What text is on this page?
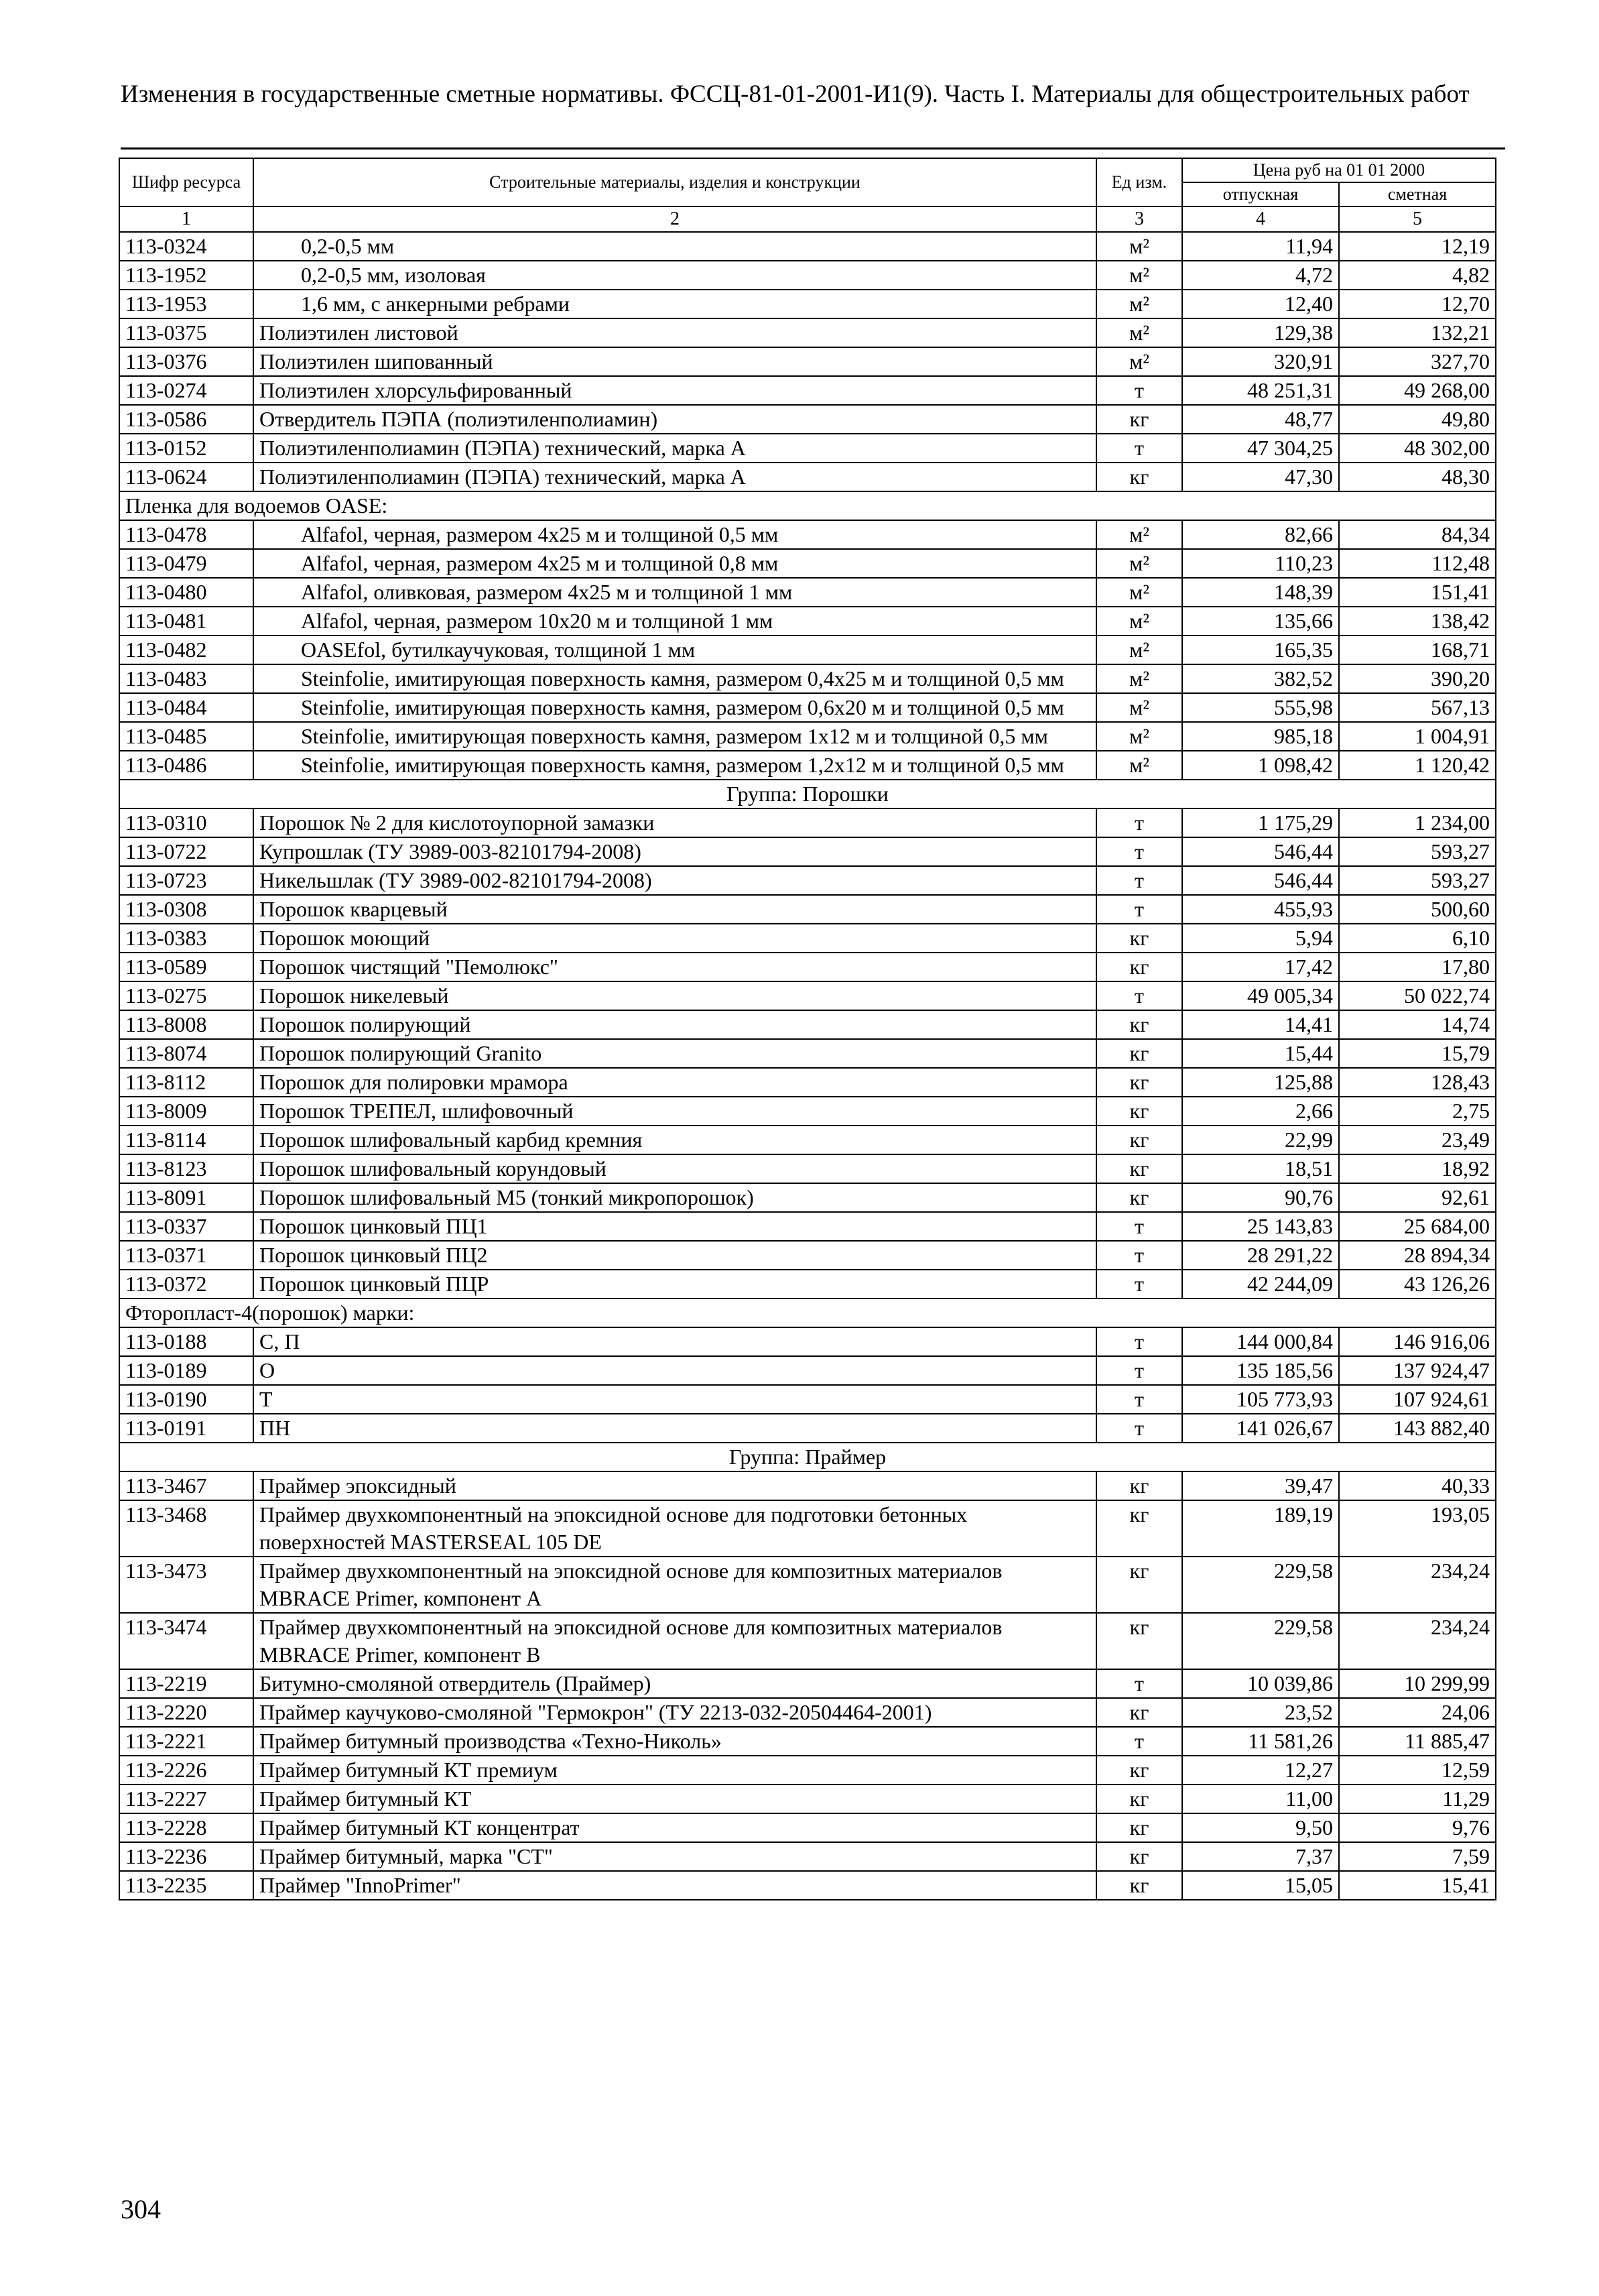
Изменения в государственные сметные нормативы. ФССЦ-81-01-2001-И1(9). Часть I. Материалы для общестроительных работ
Шифр ресурса	Строительные материалы, изделия и конструкции	Ед изм.	Цена руб на 01 01 2000	
			отпускная	сметная
1	2	3	4	5
113-0324	0,2-0,5 мм	м²	11,94	12,19
113-1952	0,2-0,5 мм, изоловая	м²	4,72	4,82
113-1953	1,6 мм, с анкерными ребрами	м²	12,40	12,70
113-0375	Полиэтилен листовой	м²	129,38	132,21
113-0376	Полиэтилен шипованный	м²	320,91	327,70
113-0274	Полиэтилен хлорсульфированный	т	48 251,31	49 268,00
113-0586	Отвердитель ПЭПА (полиэтиленполиамин)	кг	48,77	49,80
113-0152	Полиэтиленполиамин (ПЭПА) технический, марка А	т	47 304,25	48 302,00
113-0624	Полиэтиленполиамин (ПЭПА) технический, марка А	кг	47,30	48,30
Пленка для водоемов OASE:				
113-0478	Alfafol, черная, размером 4х25 м и толщиной 0,5 мм	м²	82,66	84,34
113-0479	Alfafol, черная, размером 4х25 м и толщиной 0,8 мм	м²	110,23	112,48
113-0480	Alfafol, оливковая, размером 4х25 м и толщиной 1 мм	м²	148,39	151,41
113-0481	Alfafol, черная, размером 10х20 м и толщиной 1 мм	м²	135,66	138,42
113-0482	OASEfol, бутилкаучуковая, толщиной 1 мм	м²	165,35	168,71
113-0483	Steinfolie, имитирующая поверхность камня, размером 0,4х25 м и толщиной 0,5 мм	м²	382,52	390,20
113-0484	Steinfolie, имитирующая поверхность камня, размером 0,6х20 м и толщиной 0,5 мм	м²	555,98	567,13
113-0485	Steinfolie, имитирующая поверхность камня, размером 1х12 м и толщиной 0,5 мм	м²	985,18	1 004,91
113-0486	Steinfolie, имитирующая поверхность камня, размером 1,2х12 м и толщиной 0,5 мм	м²	1 098,42	1 120,42
Группа: Порошки				
113-0310	Порошок № 2 для кислотоупорной замазки	т	1 175,29	1 234,00
113-0722	Купрошлак (ТУ 3989-003-82101794-2008)	т	546,44	593,27
113-0723	Никельшлак (ТУ 3989-002-82101794-2008)	т	546,44	593,27
113-0308	Порошок кварцевый	т	455,93	500,60
113-0383	Порошок моющий	кг	5,94	6,10
113-0589	Порошок чистящий "Пемолюкс"	кг	17,42	17,80
113-0275	Порошок никелевый	т	49 005,34	50 022,74
113-8008	Порошок полирующий	кг	14,41	14,74
113-8074	Порошок полирующий Granito	кг	15,44	15,79
113-8112	Порошок для полировки мрамора	кг	125,88	128,43
113-8009	Порошок ТРЕПЕЛ, шлифовочный	кг	2,66	2,75
113-8114	Порошок шлифовальный карбид кремния	кг	22,99	23,49
113-8123	Порошок шлифовальный корундовый	кг	18,51	18,92
113-8091	Порошок шлифовальный М5 (тонкий микропорошок)	кг	90,76	92,61
113-0337	Порошок цинковый ПЦ1	т	25 143,83	25 684,00
113-0371	Порошок цинковый ПЦ2	т	28 291,22	28 894,34
113-0372	Порошок цинковый ПЦР	т	42 244,09	43 126,26
Фторопласт-4(порошок) марки:				
113-0188	С, П	т	144 000,84	146 916,06
113-0189	О	т	135 185,56	137 924,47
113-0190	Т	т	105 773,93	107 924,61
113-0191	ПН	т	141 026,67	143 882,40
Группа: Праймер				
113-3467	Праймер эпоксидный	кг	39,47	40,33
113-3468	Праймер двухкомпонентный на эпоксидной основе для подготовки бетонных поверхностей MASTERSEAL 105 DE	кг	189,19	193,05
113-3473	Праймер двухкомпонентный на эпоксидной основе для композитных материалов MBRACE Primer, компонент А	кг	229,58	234,24
113-3474	Праймер двухкомпонентный на эпоксидной основе для композитных материалов MBRACE Primer, компонент В	кг	229,58	234,24
113-2219	Битумно-смоляной отвердитель (Праймер)	т	10 039,86	10 299,99
113-2220	Праймер каучуково-смоляной "Гермокрон" (ТУ 2213-032-20504464-2001)	кг	23,52	24,06
113-2221	Праймер битумный производства «Техно-Николь»	т	11 581,26	11 885,47
113-2226	Праймер битумный КТ премиум	кг	12,27	12,59
113-2227	Праймер битумный КТ	кг	11,00	11,29
113-2228	Праймер битумный КТ концентрат	кг	9,50	9,76
113-2236	Праймер битумный, марка "СТ"	кг	7,37	7,59
113-2235	Праймер "InnoPrimer"	кг	15,05	15,41
304
